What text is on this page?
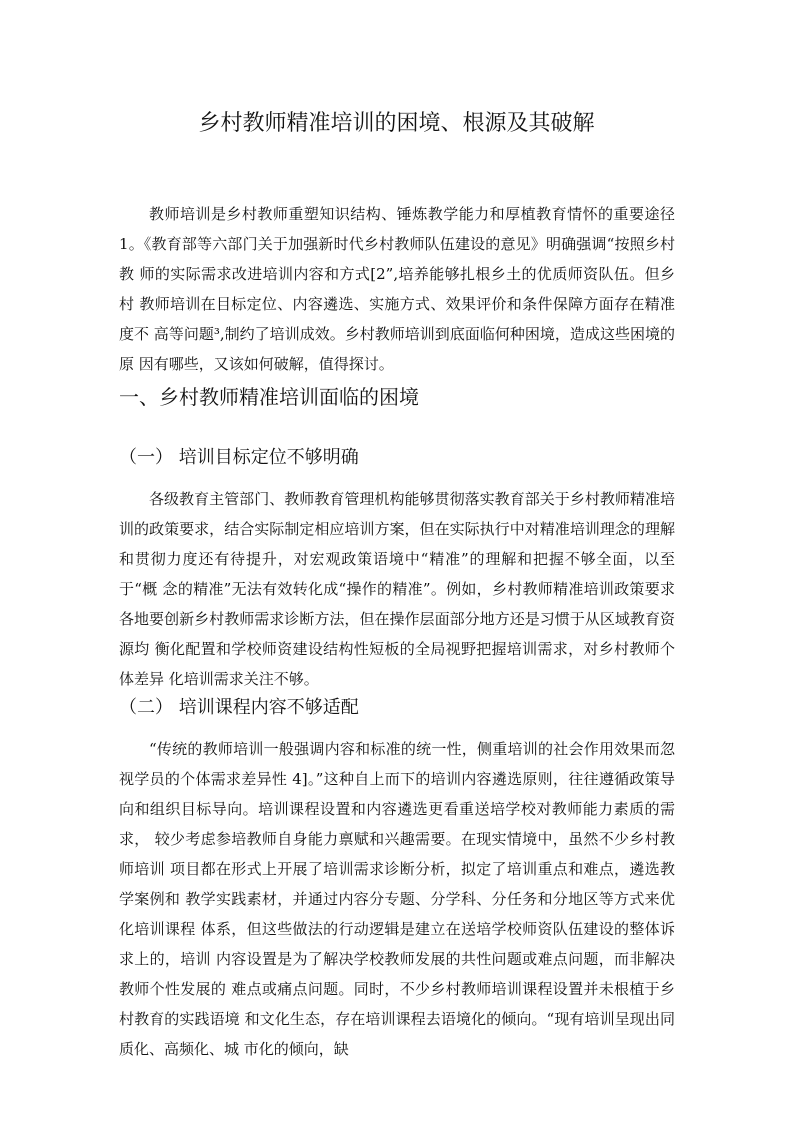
乡村教师精准培训的困境、根源及其破解

教师培训是乡村教师重塑知识结构、锤炼教学能力和厚植教育情怀的重要途径 1。《教育部等六部门关于加强新时代乡村教师队伍建设的意见》明确强调“按照乡村教 师的实际需求改进培训内容和方式[2”,培养能够扎根乡土的优质师资队伍。但乡村 教师培训在目标定位、内容遴选、实施方式、效果评价和条件保障方面存在精准度不 高等问题³,制约了培训成效。乡村教师培训到底面临何种困境，造成这些困境的原 因有哪些，又该如何破解，值得探讨。

一、乡村教师精准培训面临的困境
（一） 培训目标定位不够明确

各级教育主管部门、教师教育管理机构能够贯彻落实教育部关于乡村教师精准培 训的政策要求，结合实际制定相应培训方案，但在实际执行中对精准培训理念的理解 和贯彻力度还有待提升，对宏观政策语境中“精准”的理解和把握不够全面，以至于“概 念的精准”无法有效转化成“操作的精准”。例如，乡村教师精准培训政策要求各地要创新乡村教师需求诊断方法，但在操作层面部分地方还是习惯于从区域教育资源均 衡化配置和学校师资建设结构性短板的全局视野把握培训需求，对乡村教师个体差异 化培训需求关注不够。

（二） 培训课程内容不够适配

“传统的教师培训一般强调内容和标准的统一性，侧重培训的社会作用效果而忽 视学员的个体需求差异性 4]。”这种自上而下的培训内容遴选原则，往往遵循政策导 向和组织目标导向。培训课程设置和内容遴选更看重送培学校对教师能力素质的需求， 较少考虑参培教师自身能力禀赋和兴趣需要。在现实情境中，虽然不少乡村教师培训 项目都在形式上开展了培训需求诊断分析，拟定了培训重点和难点，遴选教学案例和 教学实践素材，并通过内容分专题、分学科、分任务和分地区等方式来优化培训课程 体系，但这些做法的行动逻辑是建立在送培学校师资队伍建设的整体诉求上的，培训 内容设置是为了解决学校教师发展的共性问题或难点问题，而非解决教师个性发展的 难点或痛点问题。同时，不少乡村教师培训课程设置并未根植于乡村教育的实践语境 和文化生态，存在培训课程去语境化的倾向。“现有培训呈现出同质化、高频化、城 市化的倾向，缺
